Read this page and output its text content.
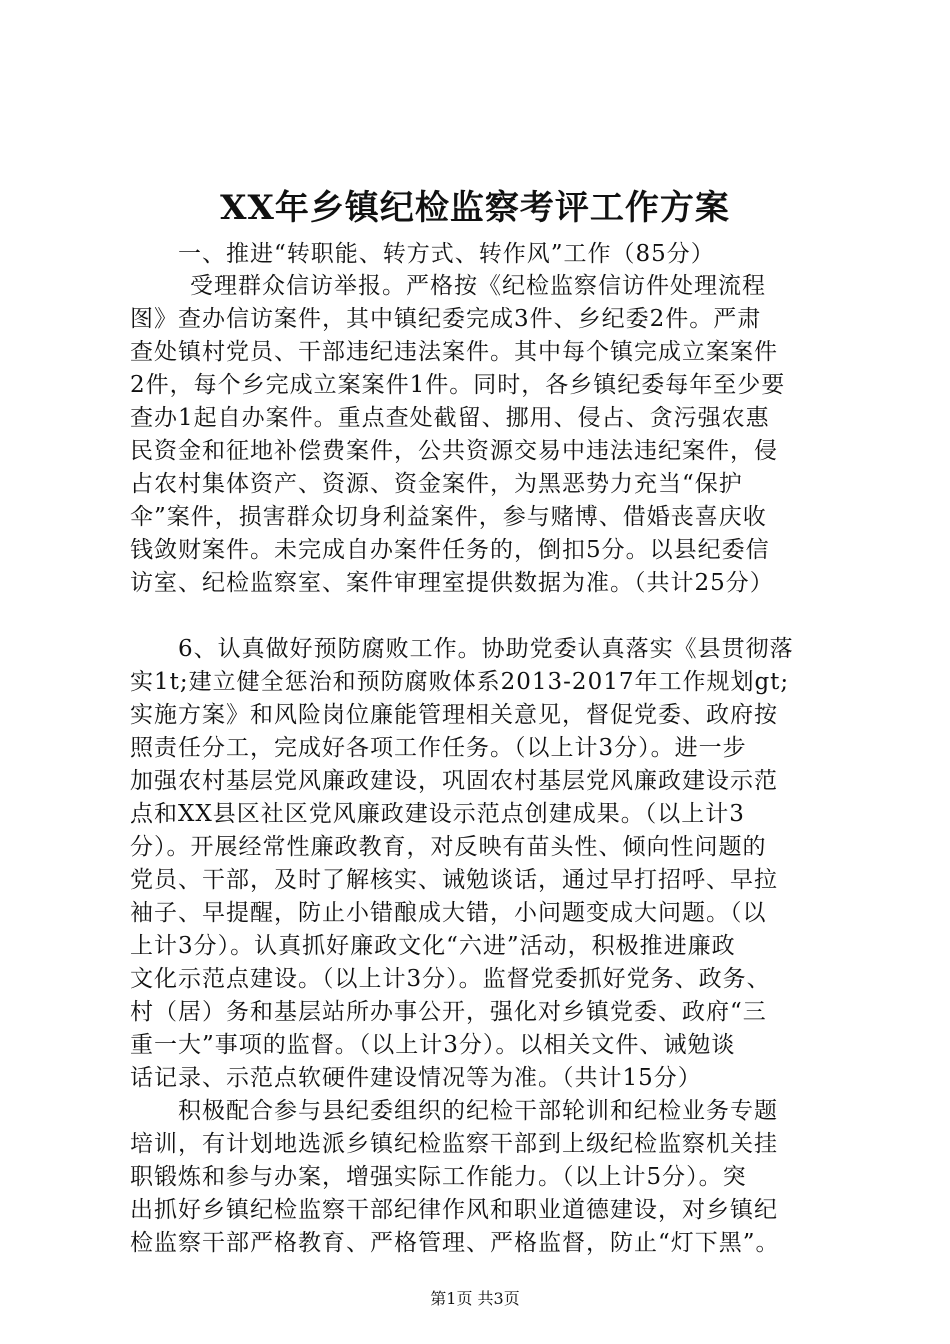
XX年乡镇纪检监察考评工作方案
一、推进“转职能、转方式、转作风”工作（85分）
受理群众信访举报。严格按《纪检监察信访件处理流程
图》查办信访案件，其中镇纪委完成3件、乡纪委2件。严肃
查处镇村党员、干部违纪违法案件。其中每个镇完成立案案件
2件，每个乡完成立案案件1件。同时，各乡镇纪委每年至少要
查办1起自办案件。重点查处截留、挪用、侵占、贪污强农惠
民资金和征地补偿费案件，公共资源交易中违法违纪案件，侵
占农村集体资产、资源、资金案件，为黑恶势力充当“保护
伞”案件，损害群众切身利益案件，参与赌博、借婚丧喜庆收
钱敛财案件。未完成自办案件任务的，倒扣5分。以县纪委信
访室、纪检监察室、案件审理室提供数据为准。（共计25分）
6、认真做好预防腐败工作。协助党委认真落实《县贯彻落
实1t;建立健全惩治和预防腐败体系2013-2017年工作规划gt;
实施方案》和风险岗位廉能管理相关意见，督促党委、政府按
照责任分工，完成好各项工作任务。（以上计3分）。进一步
加强农村基层党风廉政建设，巩固农村基层党风廉政建设示范
点和XX县区社区党风廉政建设示范点创建成果。（以上计3
分）。开展经常性廉政教育，对反映有苗头性、倾向性问题的
党员、干部，及时了解核实、诫勉谈话，通过早打招呼、早拉
袖子、早提醒，防止小错酿成大错，小问题变成大问题。（以
上计3分）。认真抓好廉政文化“六进”活动，积极推进廉政
文化示范点建设。（以上计3分）。监督党委抓好党务、政务、
村（居）务和基层站所办事公开，强化对乡镇党委、政府“三
重一大”事项的监督。（以上计3分）。以相关文件、诫勉谈
话记录、示范点软硬件建设情况等为准。（共计15分）
积极配合参与县纪委组织的纪检干部轮训和纪检业务专题
培训，有计划地选派乡镇纪检监察干部到上级纪检监察机关挂
职锻炼和参与办案，增强实际工作能力。（以上计5分）。突
出抓好乡镇纪检监察干部纪律作风和职业道德建设，对乡镇纪
检监察干部严格教育、严格管理、严格监督，防止“灯下黑”。
第1页 共3页
